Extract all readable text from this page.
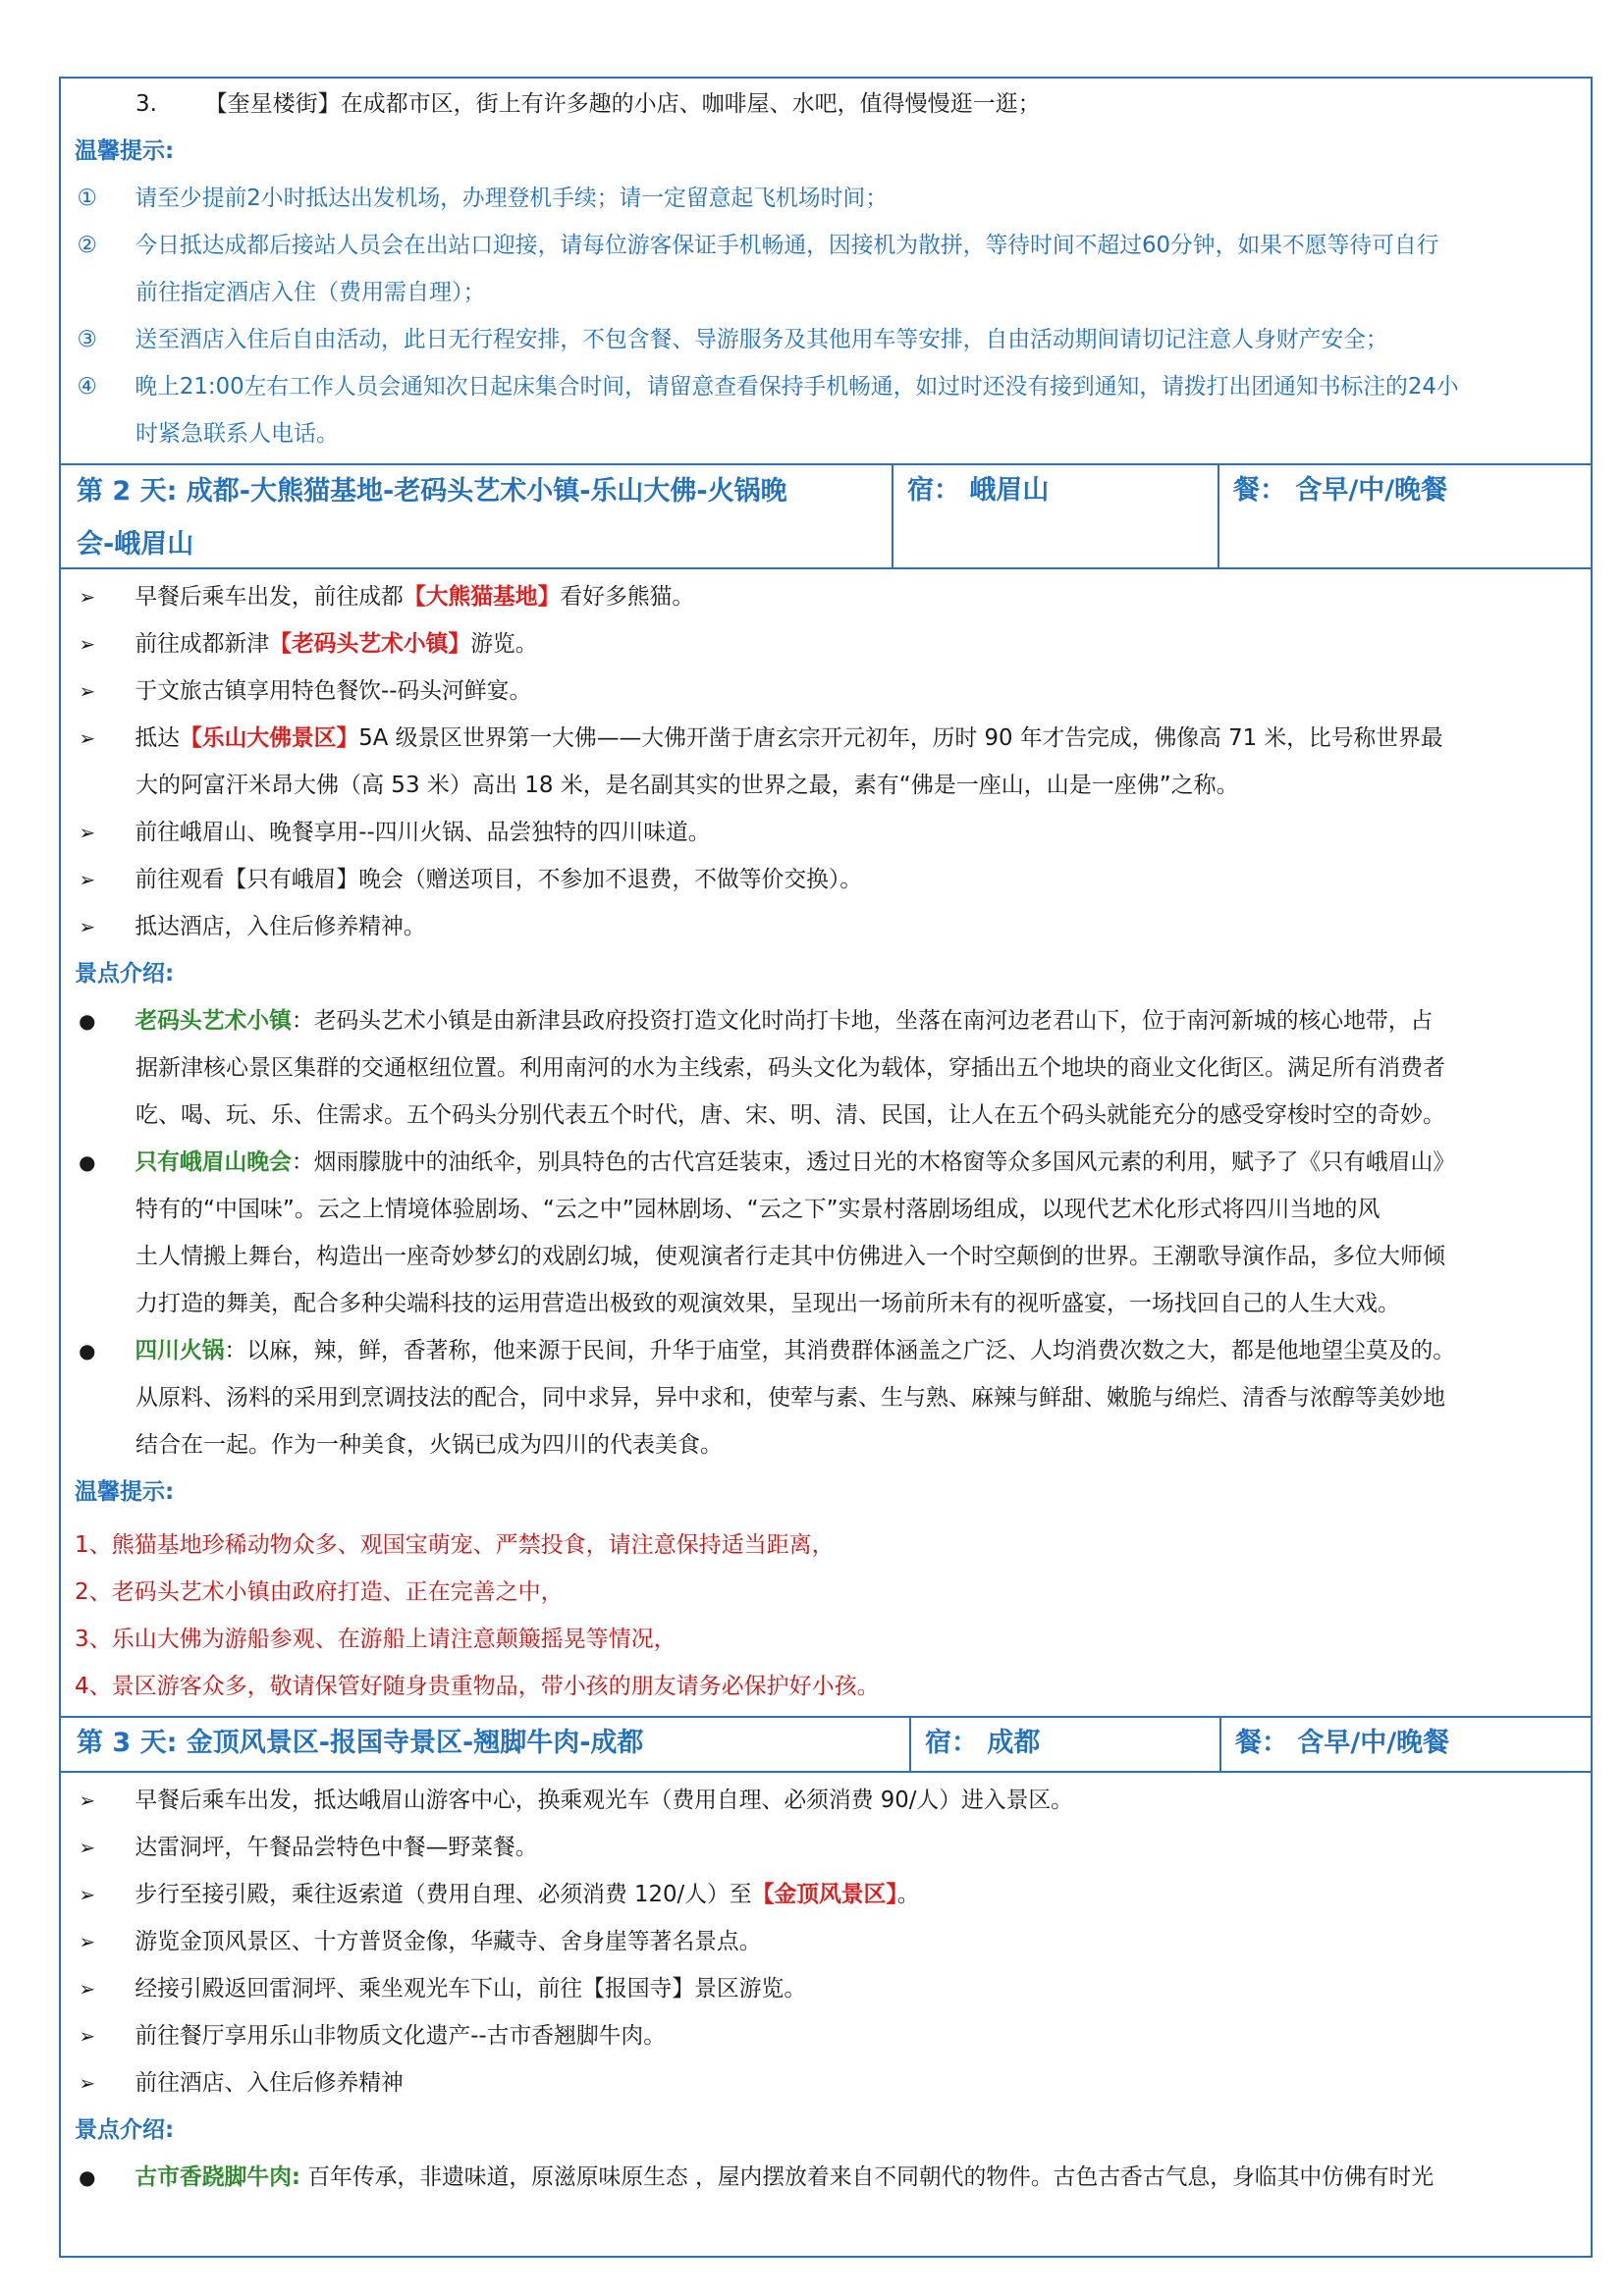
3. 【奎星楼街】在成都市区，街上有许多趣的小店、咖啡屋、水吧，值得慢慢逛一逛；
温馨提示:
① 请至少提前2小时抵达出发机场，办理登机手续；请一定留意起飞机场时间；
② 今日抵达成都后接站人员会在出站口迎接，请每位游客保证手机畅通，因接机为散拼，等待时间不超过60分钟，如果不愿等待可自行
前往指定酒店入住（费用需自理）；
③ 送至酒店入住后自由活动，此日无行程安排，不包含餐、导游服务及其他用车等安排，自由活动期间请切记注意人身财产安全；
④ 晚上21:00左右工作人员会通知次日起床集合时间，请留意查看保持手机畅通，如过时还没有接到通知，请拨打出团通知书标注的24小
时紧急联系人电话。
第 2 天: 成都-大熊猫基地-老码头艺术小镇-乐山大佛-火锅晚
会-峨眉山
宿： 峨眉山	餐： 含早/中/晚餐
➢ 早餐后乘车出发，前往成都【大熊猫基地】看好多熊猫。
➢ 前往成都新津【老码头艺术小镇】游览。
➢ 于文旅古镇享用特色餐饮--码头河鲜宴。
➢ 抵达【乐山大佛景区】5A 级景区世界第一大佛——大佛开凿于唐玄宗开元初年，历时 90 年才告完成，佛像高 71 米，比号称世界最
大的阿富汗米昂大佛（高 53 米）高出 18 米，是名副其实的世界之最，素有“佛是一座山，山是一座佛”之称。
➢ 前往峨眉山、晚餐享用--四川火锅、品尝独特的四川味道。
➢ 前往观看【只有峨眉】晚会（赠送项目，不参加不退费，不做等价交换）。
➢ 抵达酒店，入住后修养精神。
景点介绍:
● 老码头艺术小镇：老码头艺术小镇是由新津县政府投资打造文化时尚打卡地，坐落在南河边老君山下，位于南河新城的核心地带，占
据新津核心景区集群的交通枢纽位置。利用南河的水为主线索，码头文化为载体，穿插出五个地块的商业文化街区。满足所有消费者
吃、喝、玩、乐、住需求。五个码头分别代表五个时代，唐、宋、明、清、民国，让人在五个码头就能充分的感受穿梭时空的奇妙。
● 只有峨眉山晚会：烟雨朦胧中的油纸伞，别具特色的古代宫廷装束，透过日光的木格窗等众多国风元素的利用，赋予了《只有峨眉山》
特有的“中国味”。云之上情境体验剧场、“云之中”园林剧场、“云之下”实景村落剧场组成，以现代艺术化形式将四川当地的风
土人情搬上舞台，构造出一座奇妙梦幻的戏剧幻城，使观演者行走其中仿佛进入一个时空颠倒的世界。王潮歌导演作品，多位大师倾
力打造的舞美，配合多种尖端科技的运用营造出极致的观演效果，呈现出一场前所未有的视听盛宴，一场找回自己的人生大戏。
● 四川火锅：以麻，辣，鲜，香著称，他来源于民间，升华于庙堂，其消费群体涵盖之广泛、人均消费次数之大，都是他地望尘莫及的。
从原料、汤料的采用到烹调技法的配合，同中求异，异中求和，使荤与素、生与熟、麻辣与鲜甜、嫩脆与绵烂、清香与浓醇等美妙地
结合在一起。作为一种美食，火锅已成为四川的代表美食。
温馨提示:
1、熊猫基地珍稀动物众多、观国宝萌宠、严禁投食，请注意保持适当距离，
2、老码头艺术小镇由政府打造、正在完善之中，
3、乐山大佛为游船参观、在游船上请注意颠簸摇晃等情况，
4、景区游客众多，敬请保管好随身贵重物品，带小孩的朋友请务必保护好小孩。
第 3 天: 金顶风景区-报国寺景区-翘脚牛肉-成都	宿： 成都	餐： 含早/中/晚餐
➢ 早餐后乘车出发，抵达峨眉山游客中心，换乘观光车（费用自理、必须消费 90/人）进入景区。
➢ 达雷洞坪，午餐品尝特色中餐—野菜餐。
➢ 步行至接引殿，乘往返索道（费用自理、必须消费 120/人）至【金顶风景区】。
➢ 游览金顶风景区、十方普贤金像，华藏寺、舍身崖等著名景点。
➢ 经接引殿返回雷洞坪、乘坐观光车下山，前往【报国寺】景区游览。
➢ 前往餐厅享用乐山非物质文化遗产--古市香翘脚牛肉。
➢ 前往酒店、入住后修养精神
景点介绍:
● 古市香跷脚牛肉: 百年传承，非遗味道，原滋原味原生态 ，屋内摆放着来自不同朝代的物件。古色古香古气息，身临其中仿佛有时光
